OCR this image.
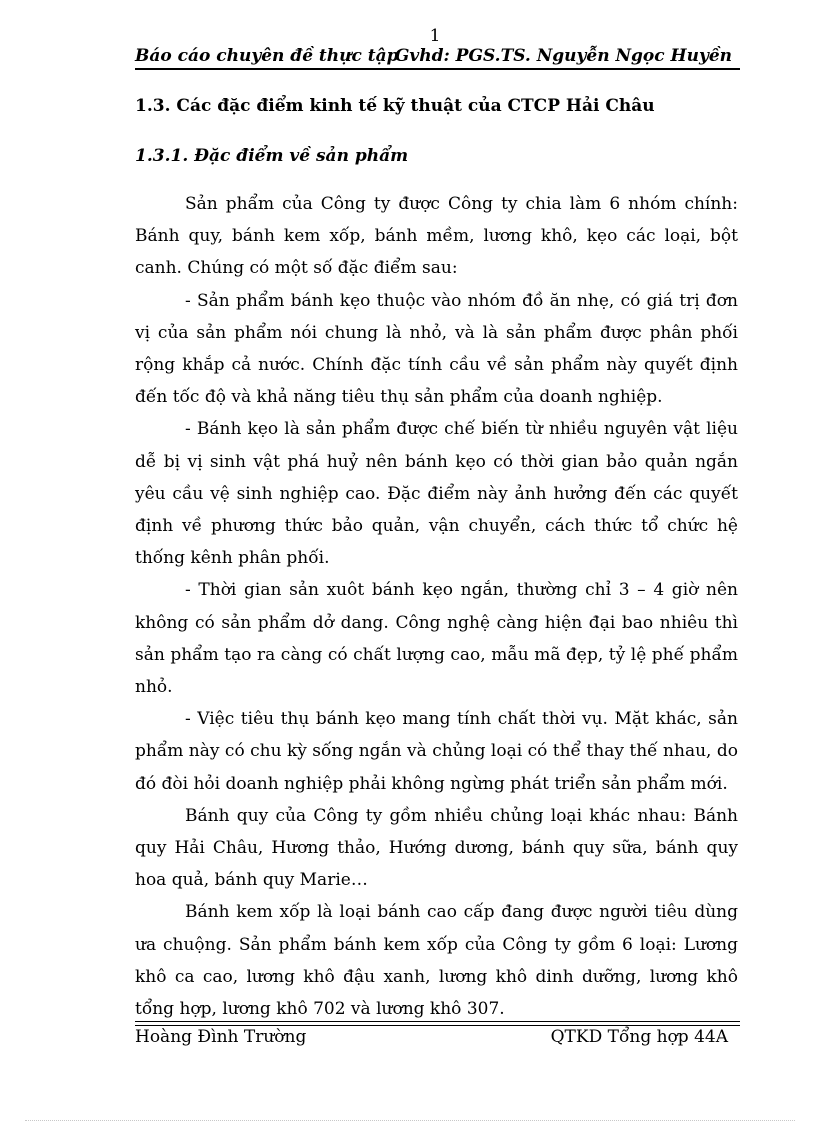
1
Báo cáo chuyên đề thực tập
Gvhd: PGS.TS. Nguyễn Ngọc Huyền
1.3. Các đặc điểm kinh tế kỹ thuật của CTCP Hải Châu
1.3.1. Đặc điểm về sản phẩm

Sản phẩm của Công ty được Công ty chia làm 6 nhóm chính: Bánh quy, bánh kem xốp, bánh mềm, lương khô, kẹo các loại, bột canh. Chúng có một số đặc điểm sau:

- Sản phẩm bánh kẹo thuộc vào nhóm đồ ăn nhẹ, có giá trị đơn vị của sản phẩm nói chung là nhỏ, và là sản phẩm được phân phối rộng khắp cả nước. Chính đặc tính cầu về sản phẩm này quyết định đến tốc độ và khả năng tiêu thụ sản phẩm của doanh nghiệp.

- Bánh kẹo là sản phẩm được chế biến từ nhiều nguyên vật liệu dễ bị vị sinh vật phá huỷ nên bánh kẹo có thời gian bảo quản ngắn yêu cầu vệ sinh nghiệp cao. Đặc điểm này ảnh hưởng đến các quyết định về phương thức bảo quản, vận chuyển, cách thức tổ chức hệ thống kênh phân phối.

- Thời gian sản xuôt bánh kẹo ngắn, thường chỉ 3 – 4 giờ nên không có sản phẩm dở dang. Công nghệ càng hiện đại bao nhiêu thì sản phẩm tạo ra càng có chất lượng cao, mẫu mã đẹp, tỷ lệ phế phẩm nhỏ.

- Việc tiêu thụ bánh kẹo mang tính chất thời vụ. Mặt khác, sản phẩm này có chu kỳ sống ngắn và chủng loại có thể thay thế nhau, do đó đòi hỏi doanh nghiệp phải không ngừng phát triển sản phẩm mới.

Bánh quy của Công ty gồm nhiều chủng loại khác nhau: Bánh quy Hải Châu, Hương thảo, Hướng dương, bánh quy sữa, bánh quy hoa quả, bánh quy Marie…

Bánh kem xốp là loại bánh cao cấp đang được người tiêu dùng ưa chuộng. Sản phẩm bánh kem xốp của Công ty gồm 6 loại: Lương khô ca cao, lương khô đậu xanh, lương khô dinh dưỡng, lương khô tổng hợp, lương khô 702 và lương khô 307.

Hoàng Đình Trường	QTKD Tổng hợp 44A
